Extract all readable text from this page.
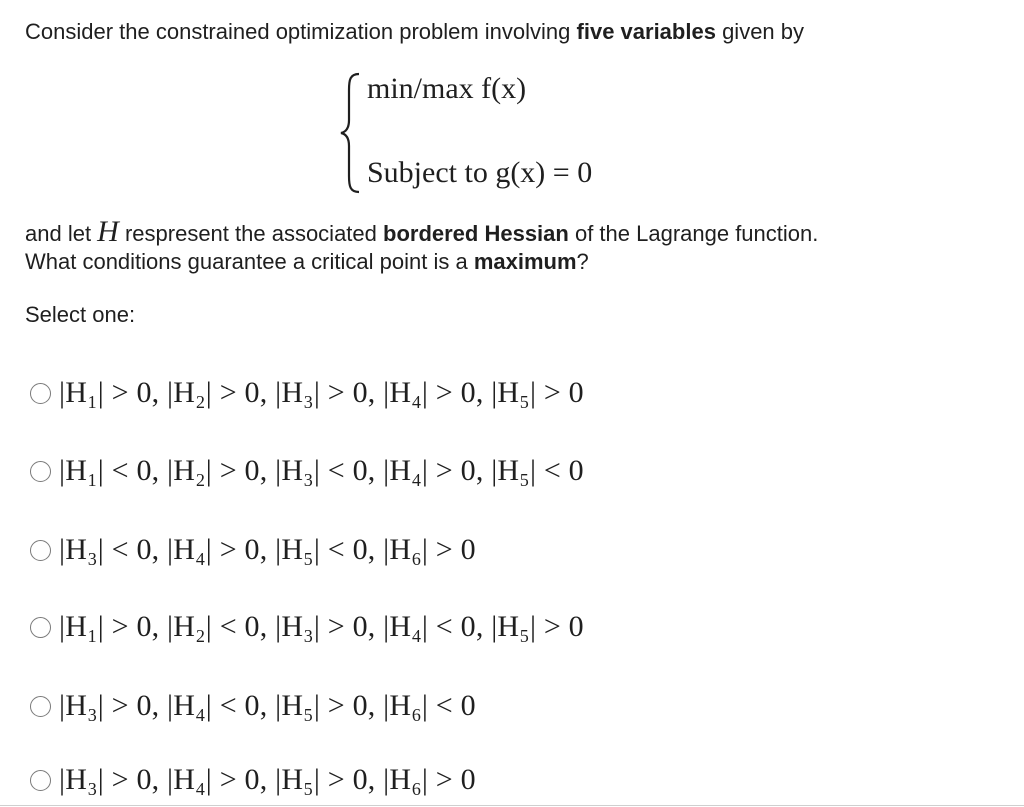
Consider the constrained optimization problem involving five variables given by
min/max f(x)
Subject to g(x) = 0
and let H respresent the associated bordered Hessian of the Lagrange function.
What conditions guarantee a critical point is a maximum?
Select one:
|H₁| > 0, |H₂| > 0, |H₃| > 0, |H₄| > 0, |H₅| > 0
|H₁| < 0, |H₂| > 0, |H₃| < 0, |H₄| > 0, |H₅| < 0
|H₃| < 0, |H₄| > 0, |H₅| < 0, |H₆| > 0
|H₁| > 0, |H₂| < 0, |H₃| > 0, |H₄| < 0, |H₅| > 0
|H₃| > 0, |H₄| < 0, |H₅| > 0, |H₆| < 0
|H₃| > 0, |H₄| > 0, |H₅| > 0, |H₆| > 0
